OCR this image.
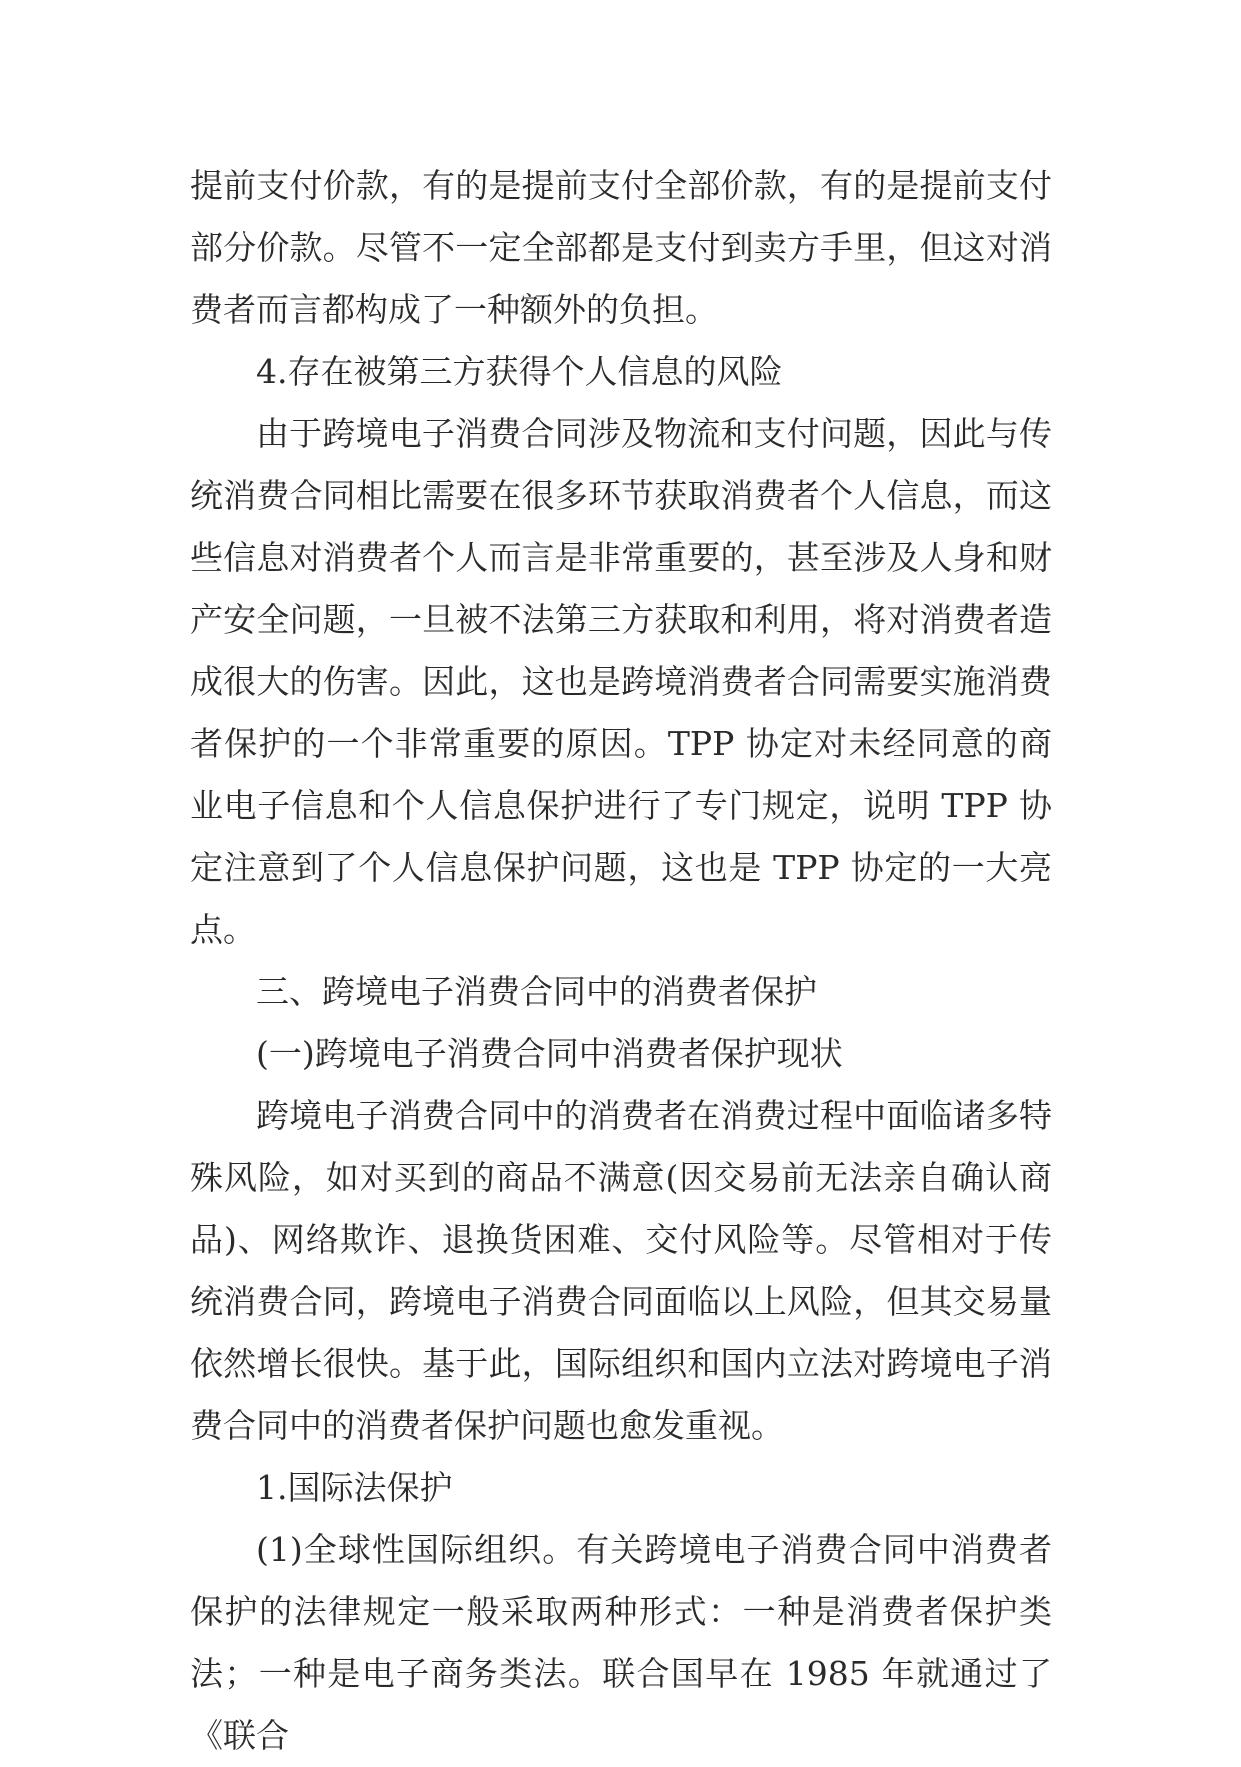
提前支付价款，有的是提前支付全部价款，有的是提前支付部分价款。尽管不一定全部都是支付到卖方手里，但这对消费者而言都构成了一种额外的负担。

4.存在被第三方获得个人信息的风险

由于跨境电子消费合同涉及物流和支付问题，因此与传统消费合同相比需要在很多环节获取消费者个人信息，而这些信息对消费者个人而言是非常重要的，甚至涉及人身和财产安全问题，一旦被不法第三方获取和利用，将对消费者造成很大的伤害。因此，这也是跨境消费者合同需要实施消费者保护的一个非常重要的原因。TPP 协定对未经同意的商业电子信息和个人信息保护进行了专门规定，说明 TPP 协定注意到了个人信息保护问题，这也是 TPP 协定的一大亮点。

三、跨境电子消费合同中的消费者保护

(一)跨境电子消费合同中消费者保护现状

跨境电子消费合同中的消费者在消费过程中面临诸多特殊风险，如对买到的商品不满意(因交易前无法亲自确认商品)、网络欺诈、退换货困难、交付风险等。尽管相对于传统消费合同，跨境电子消费合同面临以上风险，但其交易量依然增长很快。基于此，国际组织和国内立法对跨境电子消费合同中的消费者保护问题也愈发重视。

1.国际法保护

(1)全球性国际组织。有关跨境电子消费合同中消费者保护的法律规定一般采取两种形式：一种是消费者保护类法；一种是电子商务类法。联合国早在 1985 年就通过了《联合
